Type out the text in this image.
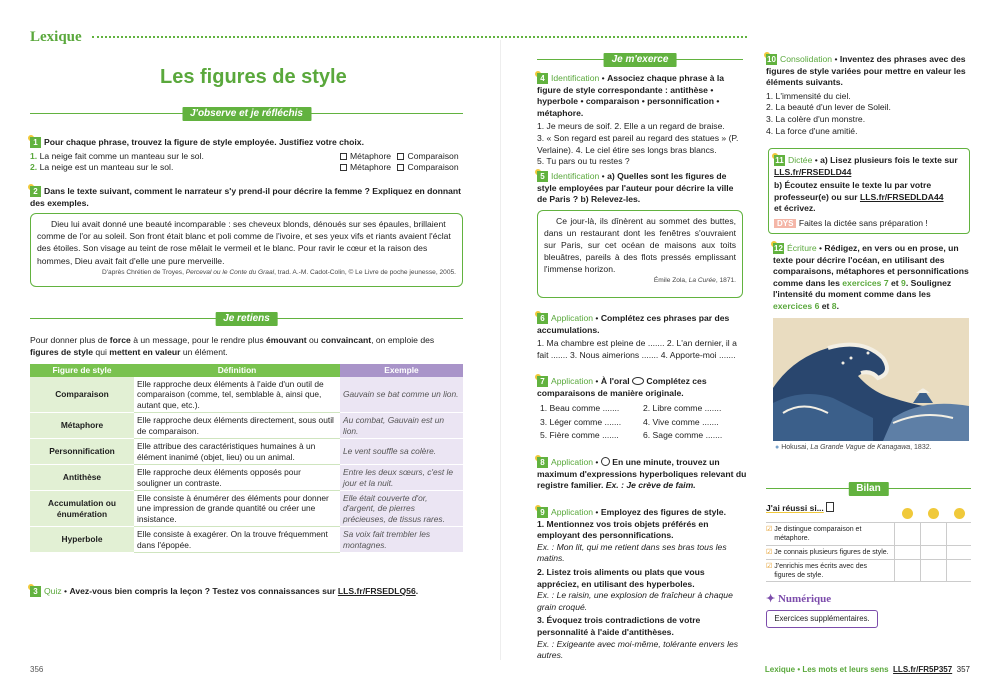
Lexique
Les figures de style
J'observe et je réfléchis
1 Pour chaque phrase, trouvez la figure de style employée. Justifiez votre choix.
1. La neige fait comme un manteau sur le sol.	Métaphore Comparaison
2. La neige est un manteau sur le sol.	Métaphore Comparaison
2 Dans le texte suivant, comment le narrateur s'y prend-il pour décrire la femme ? Expliquez en donnant des exemples.
Dieu lui avait donné une beauté incomparable : ses cheveux blonds, dénoués sur ses épaules, brillaient comme de l'or au soleil. Son front était blanc et poli comme de l'ivoire, et ses yeux vifs et riants avaient l'éclat des étoiles. Son visage au teint de rose mêlait le vermeil et le blanc. Pour ravir le cœur et la raison des hommes, Dieu avait fait d'elle une pure merveille.
D'après Chrétien de Troyes, Perceval ou le Conte du Graal, trad. A.-M. Cadot-Colin, © Le Livre de poche jeunesse, 2005.
Je retiens
Pour donner plus de force à un message, pour le rendre plus émouvant ou convaincant, on emploie des figures de style qui mettent en valeur un élément.
Figure de style	Définition	Exemple
Comparaison	Elle rapproche deux éléments à l'aide d'un outil de comparaison (comme, tel, semblable à, ainsi que, autant que, etc.).	Gauvain se bat comme un lion.
Métaphore	Elle rapproche deux éléments directement, sous outil de comparaison.	Au combat, Gauvain est un lion.
Personnification	Elle attribue des caractéristiques humaines à un élément inanimé (objet, lieu) ou un animal.	Le vent souffle sa colère.
Antithèse	Elle rapproche deux éléments opposés pour souligner un contraste.	Entre les deux sœurs, c'est le jour et la nuit.
Accumulation ou énumération	Elle consiste à énumérer des éléments pour donner une impression de grande quantité ou créer une insistance.	Elle était couverte d'or, d'argent, de pierres précieuses, de tissus rares.
Hyperbole	Elle consiste à exagérer. On la trouve fréquemment dans l'épopée.	Sa voix fait trembler les montagnes.
3 Quiz • Avez-vous bien compris la leçon ? Testez vos connaissances sur LLS.fr/FRSEDLQ56.
Je m'exerce
4 Identification • Associez chaque phrase à la figure de style correspondante : antithèse • hyperbole • comparaison • personnification • métaphore.
1. Je meurs de soif. 2. Elle a un regard de braise.
3. « Son regard est pareil au regard des statues » (P. Verlaine). 4. Le ciel étire ses longs bras blancs.
5. Tu pars ou tu restes ?
5 Identification • a) Quelles sont les figures de style employées par l'auteur pour décrire la ville de Paris ? b) Relevez-les.
Ce jour-là, ils dînèrent au sommet des buttes, dans un restaurant dont les fenêtres s'ouvraient sur Paris, sur cet océan de maisons aux toits bleuâtres, pareils à des flots pressés emplissant l'immense horizon.
Émile Zola, La Curée, 1871.
6 Application • Complétez ces phrases par des accumulations.
1. Ma chambre est pleine de ....... 2. L'an dernier, il a fait ....... 3. Nous aimerions ....... 4. Apporte-moi .......
7 Application • À l'oral Complétez ces comparaisons de manière originale.
1. Beau comme .......	2. Libre comme .......
3. Léger comme .......	4. Vive comme .......
5. Fière comme .......	6. Sage comme .......
8 Application •  En une minute, trouvez un maximum d'expressions hyperboliques relevant du registre familier. Ex. : Je crève de faim.
9 Application • Employez des figures de style.
1. Mentionnez vos trois objets préférés en employant des personnifications.
Ex. : Mon lit, qui me retient dans ses bras tous les matins.
2. Listez trois aliments ou plats que vous appréciez, en utilisant des hyperboles.
Ex. : Le raisin, une explosion de fraîcheur à chaque grain croqué.
3. Évoquez trois contradictions de votre personnalité à l'aide d'antithèses.
Ex. : Exigeante avec moi-même, tolérante envers les autres.
10 Consolidation • Inventez des phrases avec des figures de style variées pour mettre en valeur les éléments suivants.
1. L'immensité du ciel.
2. La beauté d'un lever de Soleil.
3. La colère d'un monstre.
4. La force d'une amitié.
11 Dictée • a) Lisez plusieurs fois le texte sur LLS.fr/FRSEDLD44
b) Écoutez ensuite le texte lu par votre professeur(e) ou sur LLS.fr/FRSEDLDA44
et écrivez.
DYS Faites la dictée sans préparation !
12 Écriture • Rédigez, en vers ou en prose, un texte pour décrire l'océan, en utilisant des comparaisons, métaphores et personnifications comme dans les exercices 7 et 9. Soulignez l'intensité du moment comme dans les exercices 6 et 8.
● Hokusai, La Grande Vague de Kanagawa, 1832.
Bilan
J'ai réussi si...
☑ Je distingue comparaison et métaphore.
☑ Je connais plusieurs figures de style.
☑ J'enrichis mes écrits avec des figures de style.
✦ Numérique
Exercices supplémentaires.
356	Lexique • Les mots et leurs sens LLS.fr/FR5P357 357
